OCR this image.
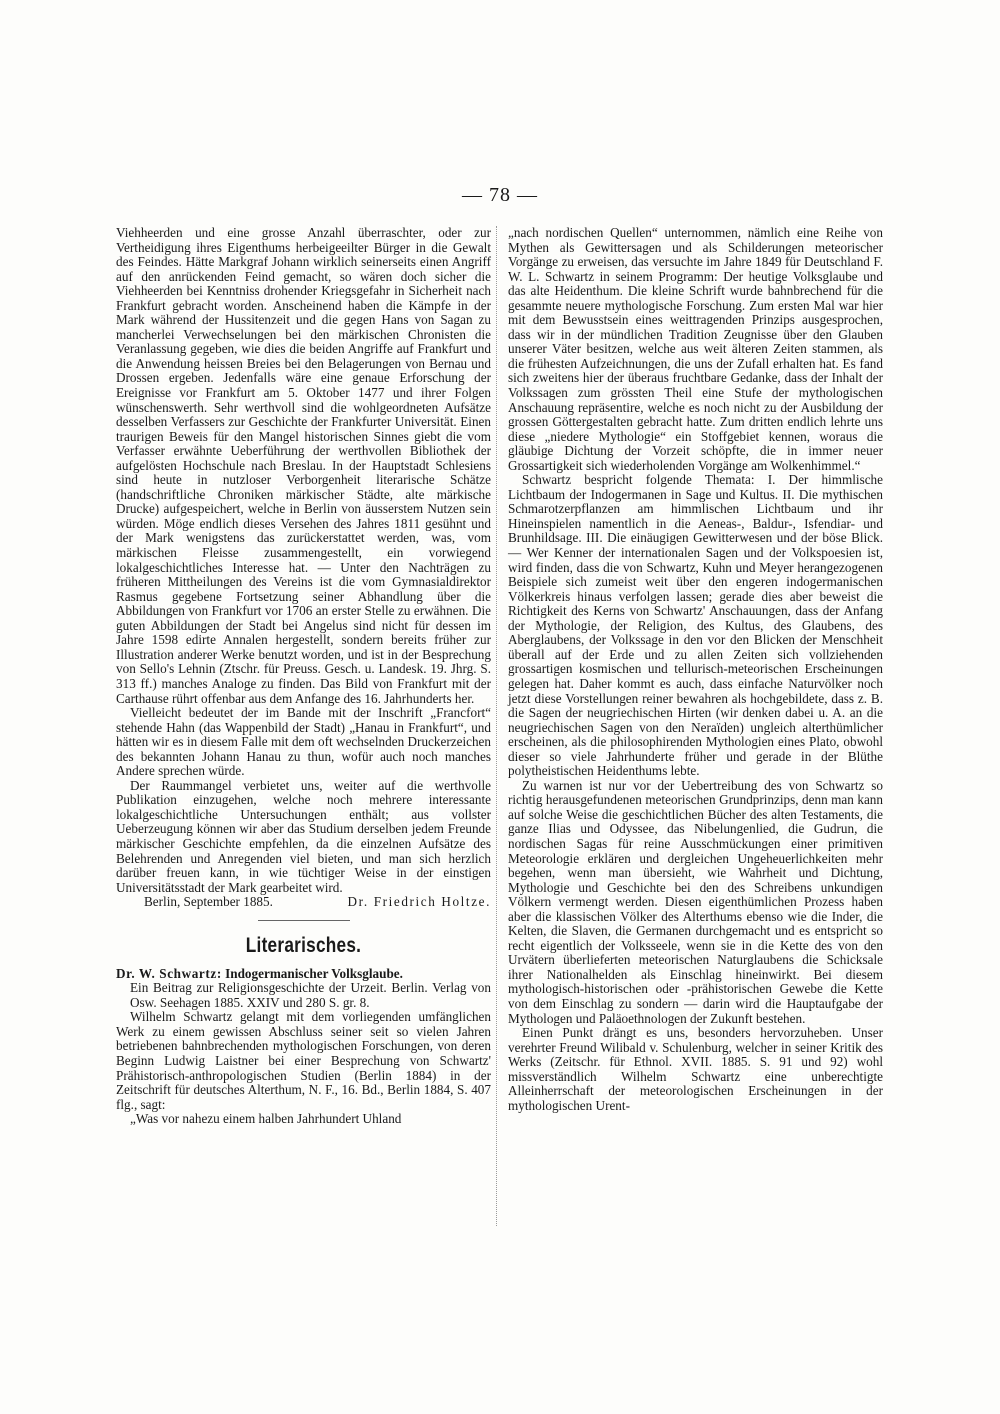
— 78 —

Viehheerden und eine grosse Anzahl überraschter, oder zur Vertheidigung ihres Eigenthums herbeigeeilter Bürger in die Gewalt des Feindes. Hätte Markgraf Johann wirklich seinerseits einen Angriff auf den anrückenden Feind gemacht, so wären doch sicher die Viehheerden bei Kenntniss drohender Kriegsgefahr in Sicherheit nach Frankfurt gebracht worden. Anscheinend haben die Kämpfe in der Mark während der Hussitenzeit und die gegen Hans von Sagan zu mancherlei Verwechselungen bei den märkischen Chronisten die Veranlassung gegeben, wie dies die beiden Angriffe auf Frankfurt und die Anwendung heissen Breies bei den Belagerungen von Bernau und Drossen ergeben. Jedenfalls wäre eine genaue Erforschung der Ereignisse vor Frankfurt am 5. Oktober 1477 und ihrer Folgen wünschenswerth. Sehr werthvoll sind die wohlgeordneten Aufsätze desselben Verfassers zur Geschichte der Frankfurter Universität. Einen traurigen Beweis für den Mangel historischen Sinnes giebt die vom Verfasser erwähnte Ueberführung der werthvollen Bibliothek der aufgelösten Hochschule nach Breslau. In der Hauptstadt Schlesiens sind heute in nutzloser Verborgenheit literarische Schätze (handschriftliche Chroniken märkischer Städte, alte märkische Drucke) aufgespeichert, welche in Berlin von äusserstem Nutzen sein würden. Möge endlich dieses Versehen des Jahres 1811 gesühnt und der Mark wenigstens das zurückerstattet werden, was, vom märkischen Fleisse zusammengestellt, ein vorwiegend lokalgeschichtliches Interesse hat. — Unter den Nachträgen zu früheren Mittheilungen des Vereins ist die vom Gymnasialdirektor Rasmus gegebene Fortsetzung seiner Abhandlung über die Abbildungen von Frankfurt vor 1706 an erster Stelle zu erwähnen. Die guten Abbildungen der Stadt bei Angelus sind nicht für dessen im Jahre 1598 edirte Annalen hergestellt, sondern bereits früher zur Illustration anderer Werke benutzt worden, und ist in der Besprechung von Sello's Lehnin (Ztschr. für Preuss. Gesch. u. Landesk. 19. Jhrg. S. 313 ff.) manches Analoge zu finden. Das Bild von Frankfurt mit der Carthause rührt offenbar aus dem Anfange des 16. Jahrhunderts her.

Vielleicht bedeutet der im Bande mit der Inschrift „Francfort“ stehende Hahn (das Wappenbild der Stadt) „Hanau in Frankfurt“, und hätten wir es in diesem Falle mit dem oft wechselnden Druckerzeichen des bekannten Johann Hanau zu thun, wofür auch noch manches Andere sprechen würde.

Der Raummangel verbietet uns, weiter auf die werthvolle Publikation einzugehen, welche noch mehrere interessante lokalgeschichtliche Untersuchungen enthält; aus vollster Ueberzeugung können wir aber das Studium derselben jedem Freunde märkischer Geschichte empfehlen, da die einzelnen Aufsätze des Belehrenden und Anregenden viel bieten, und man sich herzlich darüber freuen kann, in wie tüchtiger Weise in der einstigen Universitätsstadt der Mark gearbeitet wird.

Berlin, September 1885.	Dr. Friedrich Holtze.

Literarisches.

Dr. W. Schwartz: Indogermanischer Volksglaube.

Ein Beitrag zur Religionsgeschichte der Urzeit. Berlin. Verlag von Osw. Seehagen 1885. XXIV und 280 S. gr. 8.

Wilhelm Schwartz gelangt mit dem vorliegenden umfänglichen Werk zu einem gewissen Abschluss seiner seit so vielen Jahren betriebenen bahnbrechenden mythologischen Forschungen, von deren Beginn Ludwig Laistner bei einer Besprechung von Schwartz' Prähistorisch-anthropologischen Studien (Berlin 1884) in der Zeitschrift für deutsches Alterthum, N. F., 16. Bd., Berlin 1884, S. 407 flg., sagt:

„Was vor nahezu einem halben Jahrhundert Uhland

„nach nordischen Quellen“ unternommen, nämlich eine Reihe von Mythen als Gewittersagen und als Schilderungen meteorischer Vorgänge zu erweisen, das versuchte im Jahre 1849 für Deutschland F. W. L. Schwartz in seinem Programm: Der heutige Volksglaube und das alte Heidenthum. Die kleine Schrift wurde bahnbrechend für die gesammte neuere mythologische Forschung. Zum ersten Mal war hier mit dem Bewusstsein eines weittragenden Prinzips ausgesprochen, dass wir in der mündlichen Tradition Zeugnisse über den Glauben unserer Väter besitzen, welche aus weit älteren Zeiten stammen, als die frühesten Aufzeichnungen, die uns der Zufall erhalten hat. Es fand sich zweitens hier der überaus fruchtbare Gedanke, dass der Inhalt der Volkssagen zum grössten Theil eine Stufe der mythologischen Anschauung repräsentire, welche es noch nicht zu der Ausbildung der grossen Göttergestalten gebracht hatte. Zum dritten endlich lehrte uns diese „niedere Mythologie“ ein Stoffgebiet kennen, woraus die gläubige Dichtung der Vorzeit schöpfte, die in immer neuer Grossartigkeit sich wiederholenden Vorgänge am Wolkenhimmel.“

Schwartz bespricht folgende Themata: I. Der himmlische Lichtbaum der Indogermanen in Sage und Kultus. II. Die mythischen Schmarotzerpflanzen am himmlischen Lichtbaum und ihr Hineinspielen namentlich in die Aeneas-, Baldur-, Isfendiar- und Brunhildsage. III. Die einäugigen Gewitterwesen und der böse Blick. — Wer Kenner der internationalen Sagen und der Volkspoesien ist, wird finden, dass die von Schwartz, Kuhn und Meyer herangezogenen Beispiele sich zumeist weit über den engeren indogermanischen Völkerkreis hinaus verfolgen lassen; gerade dies aber beweist die Richtigkeit des Kerns von Schwartz' Anschauungen, dass der Anfang der Mythologie, der Religion, des Kultus, des Glaubens, des Aberglaubens, der Volkssage in den vor den Blicken der Menschheit überall auf der Erde und zu allen Zeiten sich vollziehenden grossartigen kosmischen und tellurisch-meteorischen Erscheinungen gelegen hat. Daher kommt es auch, dass einfache Naturvölker noch jetzt diese Vorstellungen reiner bewahren als hochgebildete, dass z. B. die Sagen der neugriechischen Hirten (wir denken dabei u. A. an die neugriechischen Sagen von den Neraïden) ungleich alterthümlicher erscheinen, als die philosophirenden Mythologien eines Plato, obwohl dieser so viele Jahrhunderte früher und gerade in der Blüthe polytheistischen Heidenthums lebte.

Zu warnen ist nur vor der Uebertreibung des von Schwartz so richtig herausgefundenen meteorischen Grundprinzips, denn man kann auf solche Weise die geschichtlichen Bücher des alten Testaments, die ganze Ilias und Odyssee, das Nibelungenlied, die Gudrun, die nordischen Sagas für reine Ausschmückungen einer primitiven Meteorologie erklären und dergleichen Ungeheuerlichkeiten mehr begehen, wenn man übersieht, wie Wahrheit und Dichtung, Mythologie und Geschichte bei den des Schreibens unkundigen Völkern vermengt werden. Diesen eigenthümlichen Prozess haben aber die klassischen Völker des Alterthums ebenso wie die Inder, die Kelten, die Slaven, die Germanen durchgemacht und es entspricht so recht eigentlich der Volksseele, wenn sie in die Kette des von den Urvätern überlieferten meteorischen Naturglaubens die Schicksale ihrer Nationalhelden als Einschlag hineinwirkt. Bei diesem mythologisch-historischen oder -prähistorischen Gewebe die Kette von dem Einschlag zu sondern — darin wird die Hauptaufgabe der Mythologen und Paläoethnologen der Zukunft bestehen.

Einen Punkt drängt es uns, besonders hervorzuheben. Unser verehrter Freund Wilibald v. Schulenburg, welcher in seiner Kritik des Werks (Zeitschr. für Ethnol. XVII. 1885. S. 91 und 92) wohl missverständlich Wilhelm Schwartz eine unberechtigte Alleinherrschaft der meteorologischen Erscheinungen in der mythologischen Urent-
